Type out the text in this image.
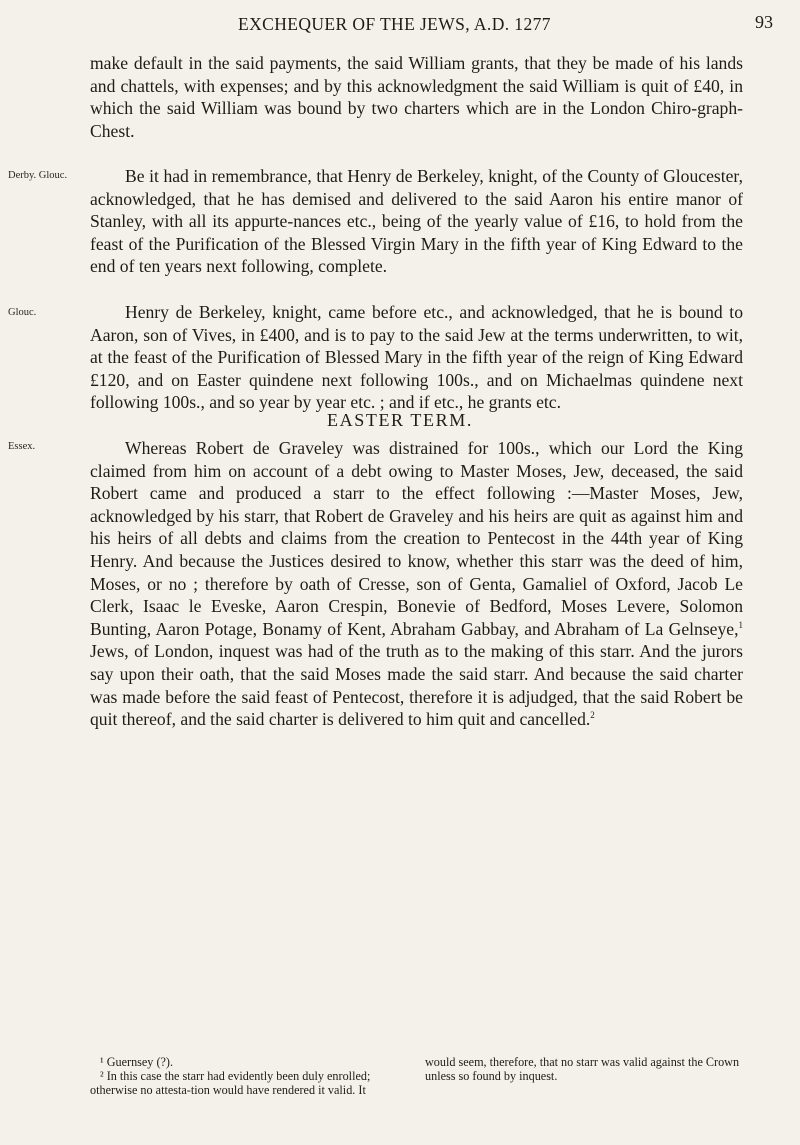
EXCHEQUER OF THE JEWS, A.D. 1277	93

make default in the said payments, the said William grants, that they be made of his lands and chattels, with expenses; and by this acknowledgment the said William is quit of £40, in which the said William was bound by two charters which are in the London Chiro-graph-Chest.

Derby. Glouc.	Be it had in remembrance, that Henry de Berkeley, knight, of the County of Gloucester, acknowledged, that he has demised and delivered to the said Aaron his entire manor of Stanley, with all its appurte-nances etc., being of the yearly value of £16, to hold from the feast of the Purification of the Blessed Virgin Mary in the fifth year of King Edward to the end of ten years next following, complete.

Glouc.	Henry de Berkeley, knight, came before etc., and acknowledged, that he is bound to Aaron, son of Vives, in £400, and is to pay to the said Jew at the terms underwritten, to wit, at the feast of the Purification of Blessed Mary in the fifth year of the reign of King Edward £120, and on Easter quindene next following 100s., and on Michaelmas quindene next following 100s., and so year by year etc. ; and if etc., he grants etc.

EASTER TERM.
Essex.	Whereas Robert de Graveley was distrained for 100s., which our Lord the King claimed from him on account of a debt owing to Master Moses, Jew, deceased, the said Robert came and produced a starr to the effect following :—Master Moses, Jew, acknowledged by his starr, that Robert de Graveley and his heirs are quit as against him and his heirs of all debts and claims from the creation to Pentecost in the 44th year of King Henry. And because the Justices desired to know, whether this starr was the deed of him, Moses, or no ; therefore by oath of Cresse, son of Genta, Gamaliel of Oxford, Jacob Le Clerk, Isaac le Eveske, Aaron Crespin, Bonevie of Bedford, Moses Levere, Solomon Bunting, Aaron Potage, Bonamy of Kent, Abraham Gabbay, and Abraham of La Gelnseye,$^1$ Jews, of London, inquest was had of the truth as to the making of this starr. And the jurors say upon their oath, that the said Moses made the said starr. And because the said charter was made before the said feast of Pentecost, therefore it is adjudged, that the said Robert be quit thereof, and the said charter is delivered to him quit and cancelled.$^2$

¹ Guernsey (?).

² In this case the starr had evidently been duly enrolled; otherwise no attesta-tion would have rendered it valid. It

would seem, therefore, that no starr was valid against the Crown unless so found by inquest.
